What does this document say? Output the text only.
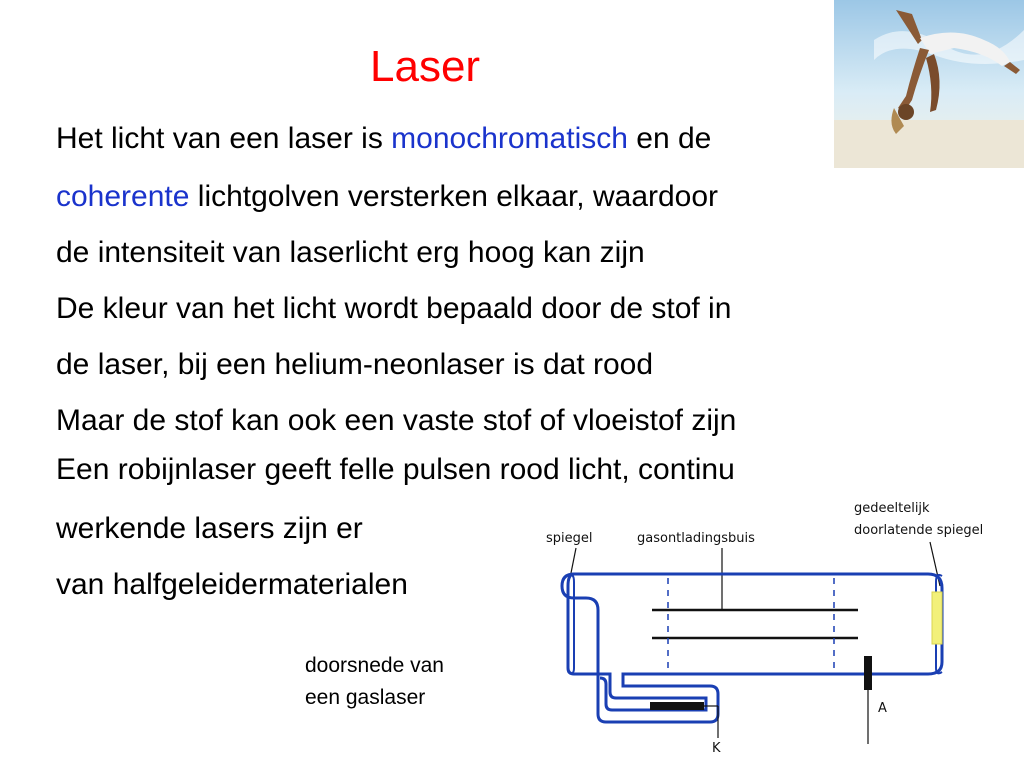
Laser
Het licht van een laser is monochromatisch en de
coherente lichtgolven versterken elkaar, waardoor
de intensiteit van laserlicht erg hoog kan zijn
De kleur van het licht wordt bepaald door de stof in
de laser, bij een helium-neonlaser is dat rood
Maar de stof kan ook een vaste stof of vloeistof zijn
Een robijnlaser geeft felle pulsen rood licht, continu
werkende lasers zijn er
van halfgeleidermaterialen
doorsnede van
een gaslaser
spiegel	gasontladingsbuis
gedeeltelijk
doorlatende spiegel
A
K
